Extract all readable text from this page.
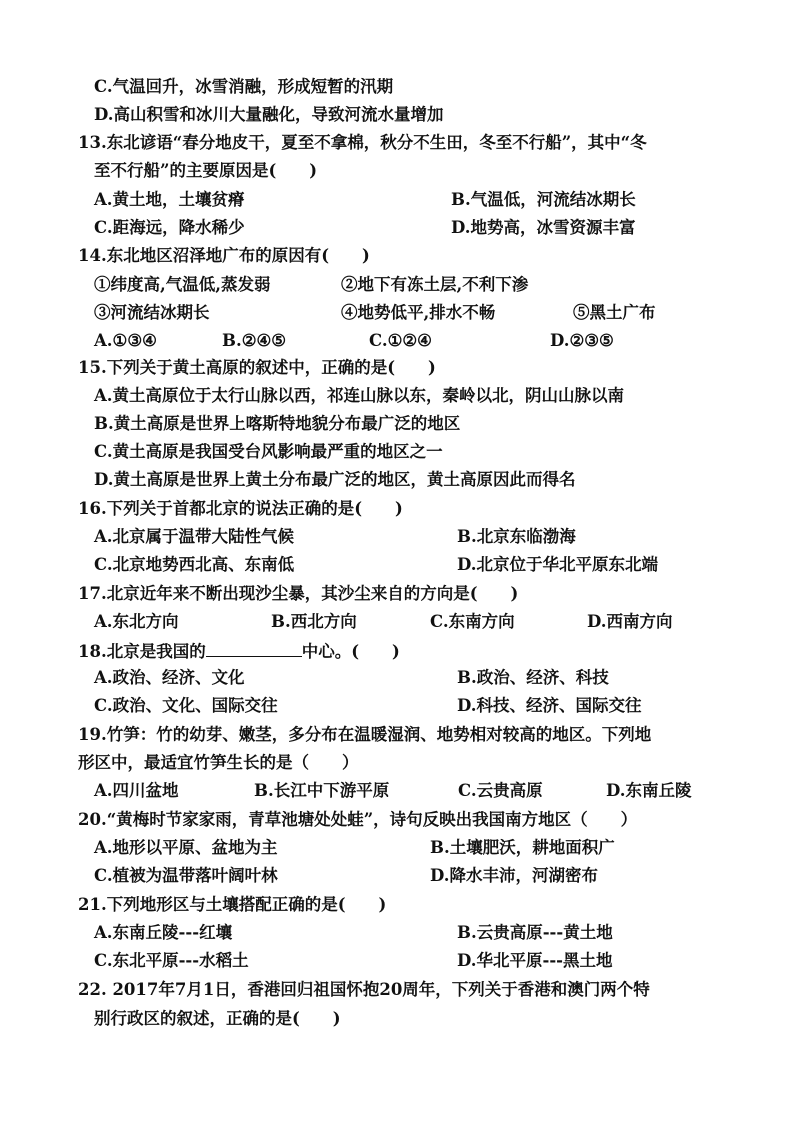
C.气温回升，冰雪消融，形成短暂的汛期
D.高山积雪和冰川大量融化，导致河流水量增加
13.东北谚语“春分地皮干，夏至不拿棉，秋分不生田，冬至不行船”，其中“冬
至不行船”的主要原因是(　　)
A.黄土地，土壤贫瘠	B.气温低，河流结冰期长
C.距海远，降水稀少	D.地势高，冰雪资源丰富
14.东北地区沼泽地广布的原因有(　　)
①纬度高,气温低,蒸发弱	②地下有冻土层,不利下渗
③河流结冰期长	④地势低平,排水不畅	⑤黑土广布
A.①③④	B.②④⑤	C.①②④	D.②③⑤
15.下列关于黄土高原的叙述中，正确的是(　　)
A.黄土高原位于太行山脉以西，祁连山脉以东，秦岭以北，阴山山脉以南
B.黄土高原是世界上喀斯特地貌分布最广泛的地区
C.黄土高原是我国受台风影响最严重的地区之一
D.黄土高原是世界上黄土分布最广泛的地区，黄土高原因此而得名
16.下列关于首都北京的说法正确的是(　　)
A.北京属于温带大陆性气候	B.北京东临渤海
C.北京地势西北高、东南低	D.北京位于华北平原东北端
17.北京近年来不断出现沙尘暴，其沙尘来自的方向是(　　)
A.东北方向	B.西北方向	C.东南方向	D.西南方向
18.北京是我国的	中心。(　　)
A.政治、经济、文化	B.政治、经济、科技
C.政治、文化、国际交往	D.科技、经济、国际交往
19.竹笋：竹的幼芽、嫩茎，多分布在温暖湿润、地势相对较高的地区。下列地
形区中，最适宜竹笋生长的是（　　）
A.四川盆地	B.长江中下游平原	C.云贵高原	D.东南丘陵
20.“黄梅时节家家雨，青草池塘处处蛙”，诗句反映出我国南方地区（　　）
A.地形以平原、盆地为主	B.土壤肥沃，耕地面积广
C.植被为温带落叶阔叶林	D.降水丰沛，河湖密布
21.下列地形区与土壤搭配正确的是(　　)
A.东南丘陵---红壤	B.云贵高原---黄土地
C.东北平原---水稻土	D.华北平原---黑土地
22. 2017年7月1日，香港回归祖国怀抱20周年，下列关于香港和澳门两个特
别行政区的叙述，正确的是(　　)
